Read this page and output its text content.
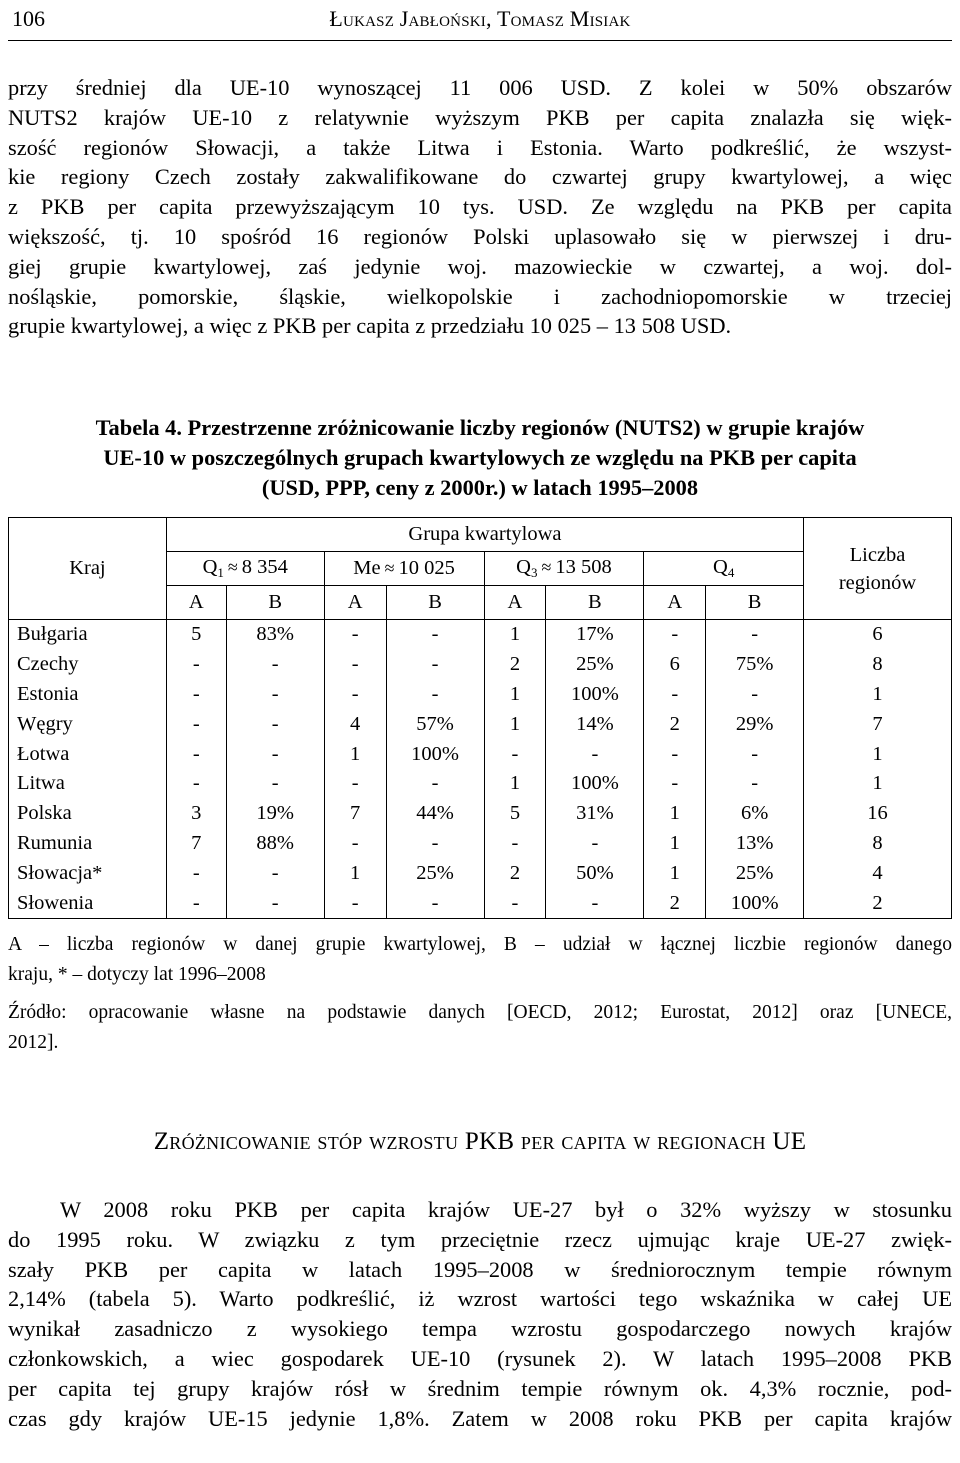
106	Łukasz Jabłoński, Tomasz Misiak
przy średniej dla UE-10 wynoszącej 11 006 USD. Z kolei w 50% obszarów
NUTS2 krajów UE-10 z relatywnie wyższym PKB per capita znalazła się więk-
szość regionów Słowacji, a także Litwa i Estonia. Warto podkreślić, że wszyst-
kie regiony Czech zostały zakwalifikowane do czwartej grupy kwartylowej, a więc
z PKB per capita przewyższającym 10 tys. USD. Ze względu na PKB per capita
większość, tj. 10 spośród 16 regionów Polski uplasowało się w pierwszej i dru-
giej grupie kwartylowej, zaś jedynie woj. mazowieckie w czwartej, a woj. dol-
nośląskie, pomorskie, śląskie, wielkopolskie i zachodniopomorskie w trzeciej
grupie kwartylowej, a więc z PKB per capita z przedziału 10 025 – 13 508 USD.
Tabela 4. Przestrzenne zróżnicowanie liczby regionów (NUTS2) w grupie krajów
UE-10 w poszczególnych grupach kwartylowych ze względu na PKB per capita
(USD, PPP, ceny z 2000r.) w latach 1995–2008
Kraj	Grupa kwartylowa								Liczba regionów
	$Q_1 \approx 8$ 354		Me ≈ 10 025		$Q_3 \approx 13$ 508		$Q_4$
	A	B	A	B	A	B	A	B	
Bułgaria	5	83%	-	-	1	17%	-	-	6
Czechy	-	-	-	-	2	25%	6	75%	8
Estonia	-	-	-	-	1	100%	-	-	1
Węgry	-	-	4	57%	1	14%	2	29%	7
Łotwa	-	-	1	100%	-	-	-	-	1
Litwa	-	-	-	-	1	100%	-	-	1
Polska	3	19%	7	44%	5	31%	1	6%	16
Rumunia	7	88%	-	-	-	-	1	13%	8
Słowacja*	-	-	1	25%	2	50%	1	25%	4
Słowenia	-	-	-	-	-	-	2	100%	2
A – liczba regionów w danej grupie kwartylowej, B – udział w łącznej liczbie regionów danego
kraju, * – dotyczy lat 1996–2008
Źródło: opracowanie własne na podstawie danych [OECD, 2012; Eurostat, 2012] oraz [UNECE,
2012].
Zróżnicowanie stóp wzrostu PKB per capita w regionach UE
W 2008 roku PKB per capita krajów UE-27 był o 32% wyższy w stosunku
do 1995 roku. W związku z tym przeciętnie rzecz ujmując kraje UE-27 zwięk-
szały PKB per capita w latach 1995–2008 w średniorocznym tempie równym
2,14% (tabela 5). Warto podkreślić, iż wzrost wartości tego wskaźnika w całej UE
wynikał zasadniczo z wysokiego tempa wzrostu gospodarczego nowych krajów
członkowskich, a wiec gospodarek UE-10 (rysunek 2). W latach 1995–2008 PKB
per capita tej grupy krajów rósł w średnim tempie równym ok. 4,3% rocznie, pod-
czas gdy krajów UE-15 jedynie 1,8%. Zatem w 2008 roku PKB per capita krajów
